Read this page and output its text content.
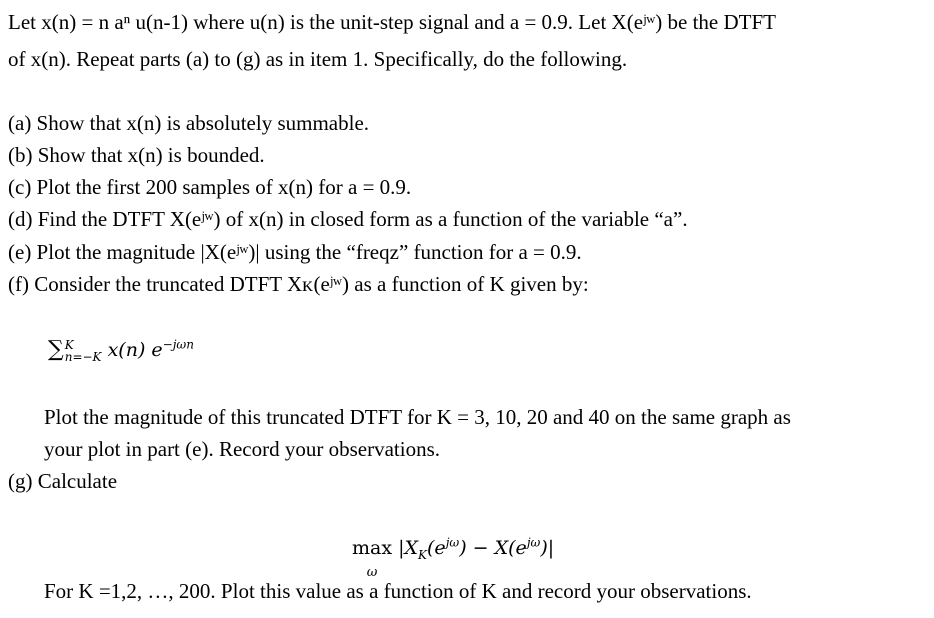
Let x(n) = n aⁿ u(n-1) where u(n) is the unit-step signal and a = 0.9. Let X(eʲʷ) be the DTFT
of x(n). Repeat parts (a) to (g) as in item 1. Specifically, do the following.
(a) Show that x(n) is absolutely summable.
(b) Show that x(n) is bounded.
(c) Plot the first 200 samples of x(n) for a = 0.9.
(d) Find the DTFT X(eʲʷ) of x(n) in closed form as a function of the variable “a”.
(e) Plot the magnitude |X(eʲʷ)| using the “freqz” function for a = 0.9.
(f) Consider the truncated DTFT Xᴋ(eʲʷ) as a function of K given by:
∑ K
n=−K x(n) $e^{-j\omega n}$
Plot the magnitude of this truncated DTFT for K = 3, 10, 20 and 40 on the same graph as
your plot in part (e). Record your observations.
(g) Calculate
max
ω
$|X_K(e^{j\omega}) - X(e^{j\omega})|$
For K =1,2, …, 200. Plot this value as a function of K and record your observations.
